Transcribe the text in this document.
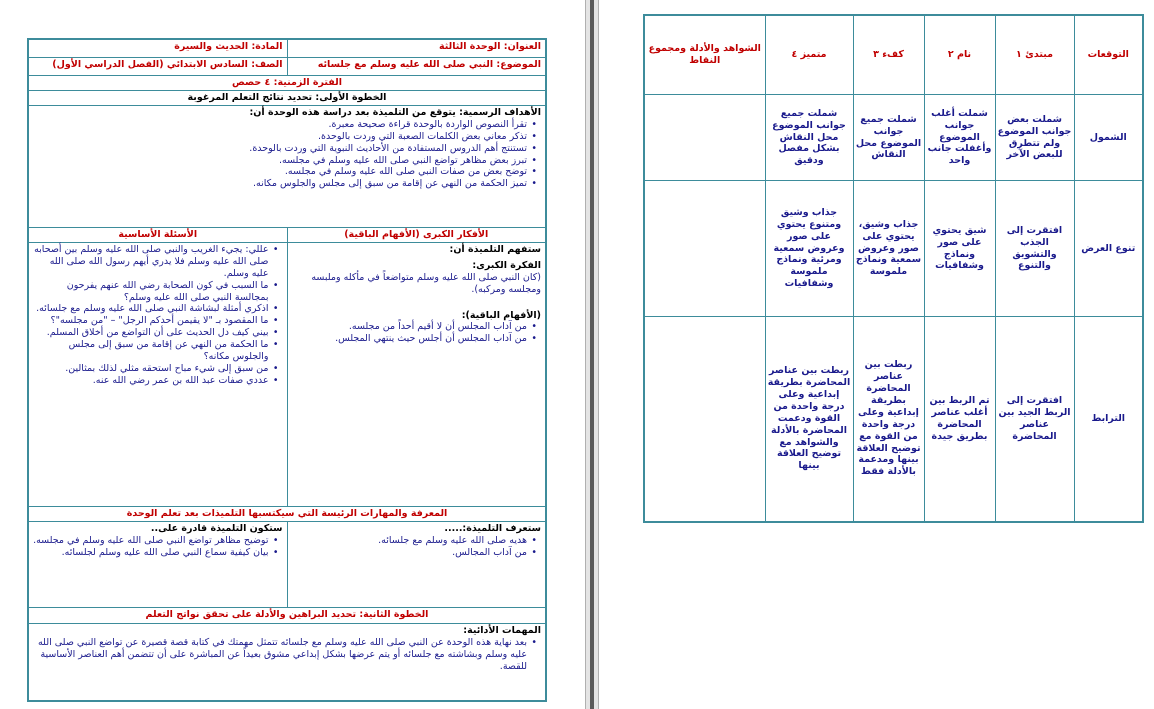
العنوان: الوحدة الثالثة
المادة: الحديث والسيرة
الموضوع: النبي صلى الله عليه وسلم مع جلسائه
الصف: السادس الابتدائي (الفصل الدراسي الأول)
الفترة الزمنية: ٤ حصص
الخطوة الأولى: تحديد نتائج التعلم المرغوبة
الأهداف الرسمية: يتوقع من التلميذة بعد دراسة هذه الوحدة أن:
• تقرأ النصوص الواردة بالوحدة قراءة صحيحة معبرة.
• تذكر معاني بعض الكلمات الصعبة التي وردت بالوحدة.
• تستنتج أهم الدروس المستفادة من الأحاديث النبوية التي وردت بالوحدة.
• تبرز بعض مظاهر تواضع النبي صلى الله عليه وسلم في مجلسه.
• توضح بعض من صفات النبي صلى الله عليه وسلم في مجلسه.
• تميز الحكمة من النهي عن إقامة من سبق إلى مجلس والجلوس مكانه.
الأفكار الكبرى (الأفهام الباقية)
الأسئلة الأساسية
ستفهم التلميذة أن:
الفكرة الكبرى:
(كان النبي صلى الله عليه وسلم متواضعاً في مأكله وملبسه ومجلسه ومركبه).
(الأفهام الباقية):
• من آداب المجلس أن لا أقيم أحداً من مجلسه.
• من آداب المجلس أن أجلس حيث ينتهي المجلس.
• عللي: يجيء الغريب والنبي صلى الله عليه وسلم بين أصحابه صلى الله عليه وسلم فلا يدري أيهم رسول الله صلى الله عليه وسلم.
• ما السبب في كون الصحابة رضي الله عنهم يفرحون بمجالسة النبي صلى الله عليه وسلم؟
• اذكري أمثلة لبشاشة النبي صلى الله عليه وسلم مع جلسائه.
• ما المقصود بـ "لا يقيمن أحدكم الرجل" – "من مجلسه"؟
• بيني كيف دل الحديث على أن التواضع من أخلاق المسلم.
• ما الحكمة من النهي عن إقامة من سبق إلى مجلس والجلوس مكانه؟
• من سبق إلى شيء مباح استحقه مثلي لذلك بمثالين.
• عددي صفات عبد الله بن عمر رضي الله عنه.
المعرفة والمهارات الرئيسة التي سيكتسبها التلميذات بعد تعلم الوحدة
ستعرف التلميذة:.....
• هديه صلى الله عليه وسلم مع جلسائه.
• من آداب المجالس.
ستكون التلميذة قادرة على..
• توضيح مظاهر تواضع النبي صلى الله عليه وسلم في مجلسه.
• بيان كيفية سماع النبي صلى الله عليه وسلم لجلسائه.
الخطوة الثانية: تحديد البراهين والأدلة على تحقق نواتج التعلم
المهمات الأدائية:
• بعد نهاية هذه الوحدة عن النبي صلى الله عليه وسلم مع جلسائه تتمثل مهمتك في كتابة قصة قصيرة عن تواضع النبي صلى الله عليه وسلم وبشاشته مع جلسائه أو يتم عرضها بشكل إبداعي مشوق بعيداً عن المباشرة على أن تتضمن أهم العناصر الأساسية للقصة.
التوقعات	مبتدئ ١	نام ٢	كفء ٣	متميز ٤	الشواهد والأدلة ومجموع النقاط
الشمول	شملت بعض جوانب الموضوع ولم تتطرق للبعض الآخر	شملت أغلب جوانب الموضوع وأغفلت جانب واحد	شملت جميع جوانب الموضوع محل النقاش	شملت جميع جوانب الموضوع محل النقاش بشكل مفصل ودقيق	
تنوع العرض	افتقرت إلى الجذب والتشويق والتنوع	شيق يحتوي على صور ونماذج وشفافيات	جذاب وشيق، يحتوي على صور وعروض سمعية ونماذج ملموسة	جذاب وشيق ومتنوع يحتوي على صور وعروض سمعية ومرئية ونماذج ملموسة وشفافيات	
الترابط	افتقرت إلى الربط الجيد بين عناصر المحاضرة	تم الربط بين أغلب عناصر المحاضرة بطريق جيدة	ربطت بين عناصر المحاضرة بطريقة إبداعية وعلى درجة واحدة من القوة مع توضيح العلاقة بينها ومدعمة بالأدلة فقط	ربطت بين عناصر المحاضرة بطريقة إبداعية وعلى درجة واحدة من القوة ودعمت المحاضرة بالأدلة والشواهد مع توضيح العلاقة بينها	
